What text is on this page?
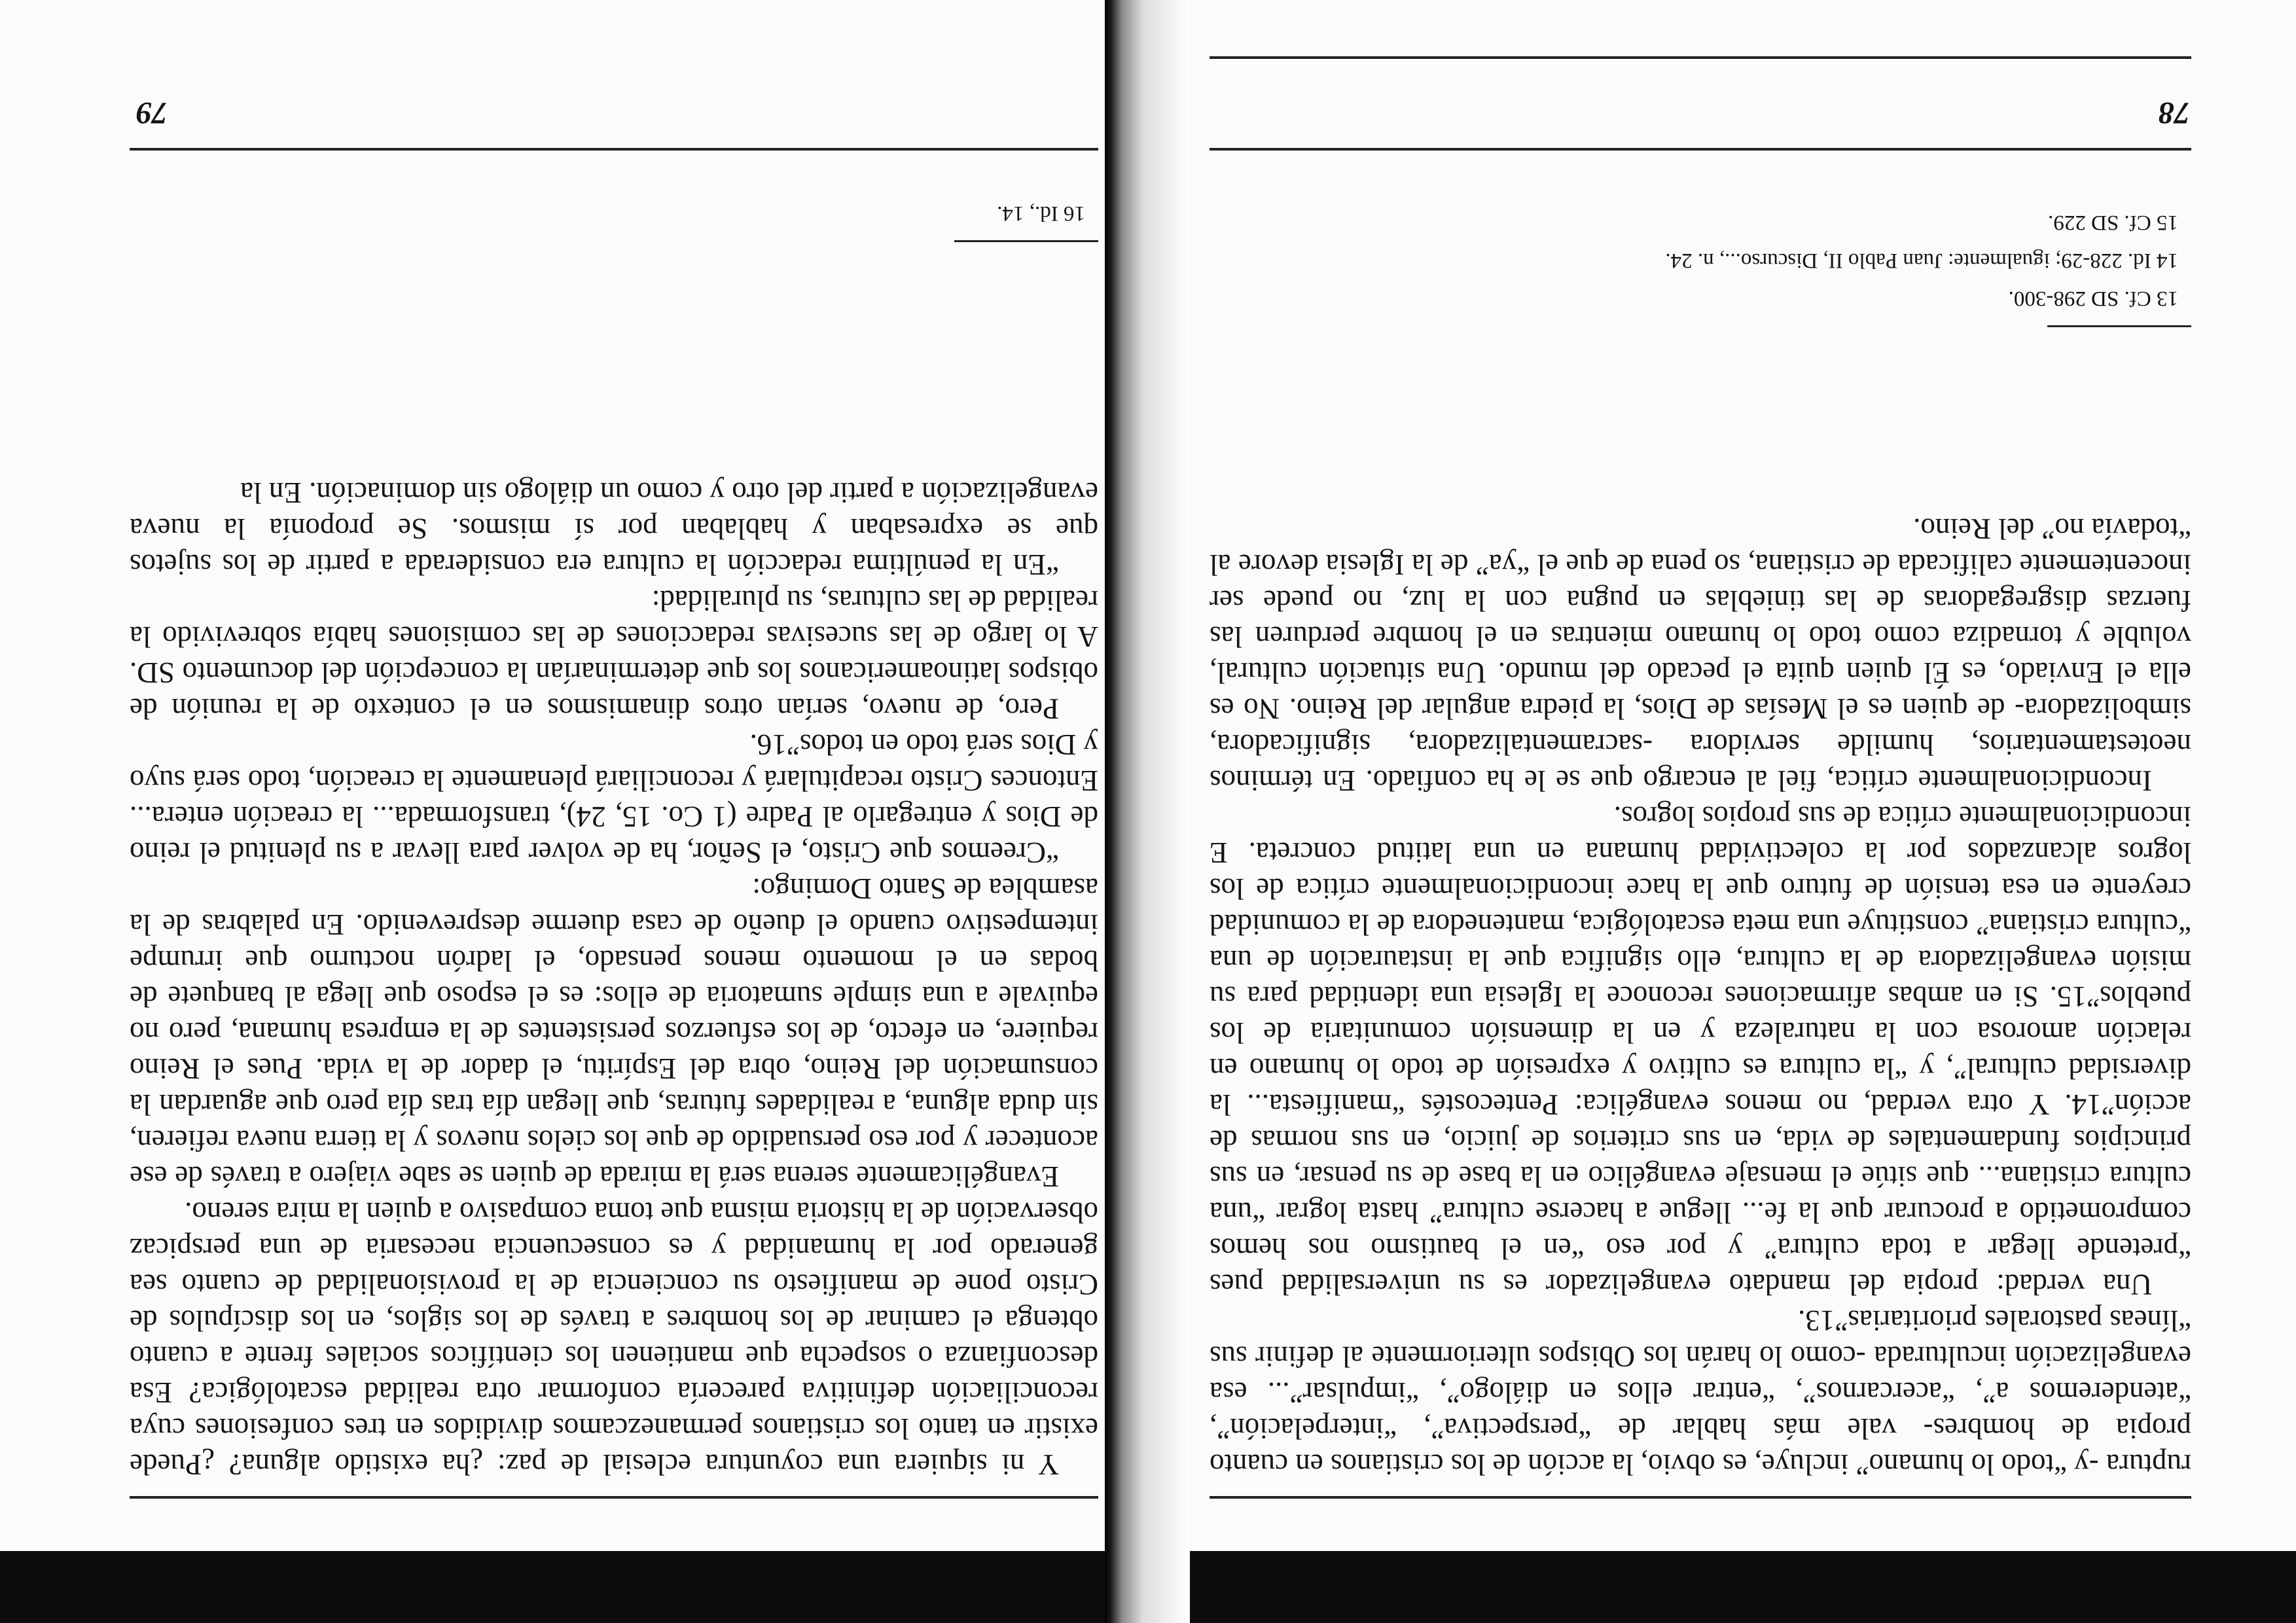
ruptura -y “todo lo humano” incluye, es obvio, la acción de los cristianos en cuanto propia de hombres- vale más hablar de “perspectiva”, “interpelación”, “atenderemos a”, “acercarnos”, “entrar ellos en diálogo”, “impulsar”... esa evangelización inculturada -como lo harán los Obispos ulteriormente al definir sus “líneas pastorales prioritarias”13.

Una verdad: propia del mandato evangelizador es su universalidad pues “pretende llegar a toda cultura” y por eso “en el bautismo nos hemos comprometido a procurar que la fe... llegue a hacerse cultura” hasta lograr “una cultura cristiana... que sitúe el mensaje evangélico en la base de su pensar, en sus principios fundamentales de vida, en sus criterios de juicio, en sus normas de acción”14. Y otra verdad, no menos evangélica: Pentecostés “manifiesta... la diversidad cultural”, y “la cultura es cultivo y expresión de todo lo humano en relación amorosa con la naturaleza y en la dimensión comunitaria de los pueblos”15. Si en ambas afirmaciones reconoce la Iglesia una identidad para su misión evangelizadora de la cultura, ello significa que la instauración de una “cultura cristiana” constituye una meta escatológica, mantenedora de la comunidad creyente en esa tensión de futuro que la hace incondicionalmente crítica de los logros alcanzados por la colectividad humana en una latitud concreta. E incondicionalmente crítica de sus propios logros.

Incondicionalmente crítica, fiel al encargo que se le ha confiado. En términos neotestamentarios, humilde servidora -sacramentalizadora, significadora, simbolizadora- de quien es el Mesías de Dios, la piedra angular del Reino. No es ella el Enviado, es Él quien quita el pecado del mundo. Una situación cultural, voluble y tornadiza como todo lo humano mientras en el hombre perduren las fuerzas disgregadoras de las tinieblas en pugna con la luz, no puede ser inocentemente calificada de cristiana, so pena de que el “ya” de la Iglesia devore al “todavía no” del Reino.

13 Cf. SD 298-300.
14 Id. 228-29; igualmente: Juan Pablo II, Discurso..., n. 24.
15 Cf. SD 229.
78

Y ni siquiera una coyuntura eclesial de paz: ¿ha existido alguna? ¿Puede existir en tanto los cristianos permanezcamos divididos en tres confesiones cuya reconciliación definitiva parecería conformar otra realidad escatológica? Esa desconfianza o sospecha que mantienen los científicos sociales frente a cuanto obtenga el caminar de los hombres a través de los siglos, en los discípulos de Cristo pone de manifiesto su conciencia de la provisionalidad de cuanto sea generado por la humanidad y es consecuencia necesaria de una perspicaz observación de la historia misma que toma compasivo a quien la mira sereno.

Evangélicamente serena será la mirada de quien se sabe viajero a través de ese acontecer y por eso persuadido de que los cielos nuevos y la tierra nueva refieren, sin duda alguna, a realidades futuras, que llegan día tras día pero que aguardan la consumación del Reino, obra del Espíritu, el dador de la vida. Pues el Reino requiere, en efecto, de los esfuerzos persistentes de la empresa humana, pero no equivale a una simple sumatoria de ellos: es el esposo que llega al banquete de bodas en el momento menos pensado, el ladrón nocturno que irrumpe intempestivo cuando el dueño de casa duerme desprevenido. En palabras de la asamblea de Santo Domingo:

“Creemos que Cristo, el Señor, ha de volver para llevar a su plenitud el reino de Dios y entregarlo al Padre (1 Co. 15, 24), transformada... la creación entera... Entonces Cristo recapitulará y reconciliará plenamente la creación, todo será suyo y Dios será todo en todos”16.

Pero, de nuevo, serían otros dinamismos en el contexto de la reunión de obispos latinoamericanos los que determinarían la concepción del documento SD. A lo largo de las sucesivas redacciones de las comisiones había sobrevivido la realidad de las culturas, su pluralidad:

“En la penúltima redacción la cultura era considerada a partir de los sujetos que se expresaban y hablaban por sí mismos. Se proponía la nueva evangelización a partir del otro y como un diálogo sin dominación. En la

16 Id., 14.
79
